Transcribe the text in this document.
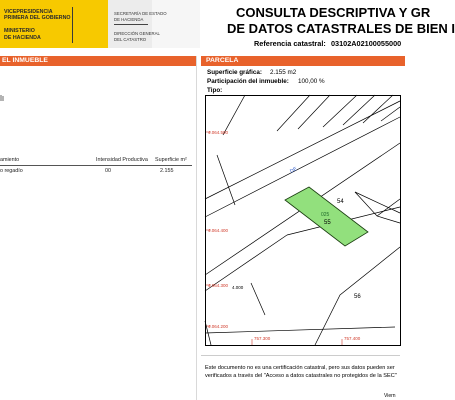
VICEPRESIDENCIA
PRIMERA DEL GOBIERNO
MINISTERIO
DE HACIENDA
SECRETARÍA DE ESTADO
DE HACIENDA
DIRECCIÓN GENERAL
DEL CATASTRO
CONSULTA DESCRIPTIVA Y GR
DE DATOS CATASTRALES DE BIEN I
Referencia catastral: 03102A02100055000
EL INMUEBLE	PARCELA
amiento	Intensidad Productiva Superficie m²
o regadío	00	2.155
Superficie gráfica: 2.155 m2
Participación del inmueble: 100,00 %
Tipo:
54
55
025
56
DE
4.064.500
4.064.400
4.064.300
4.064.200
757.300	757.400
4.000
Este documento no es una certificación catastral, pero sus datos pueden ser verificados a través del "Acceso a datos catastrales no protegidos de la SEC"
Viern
